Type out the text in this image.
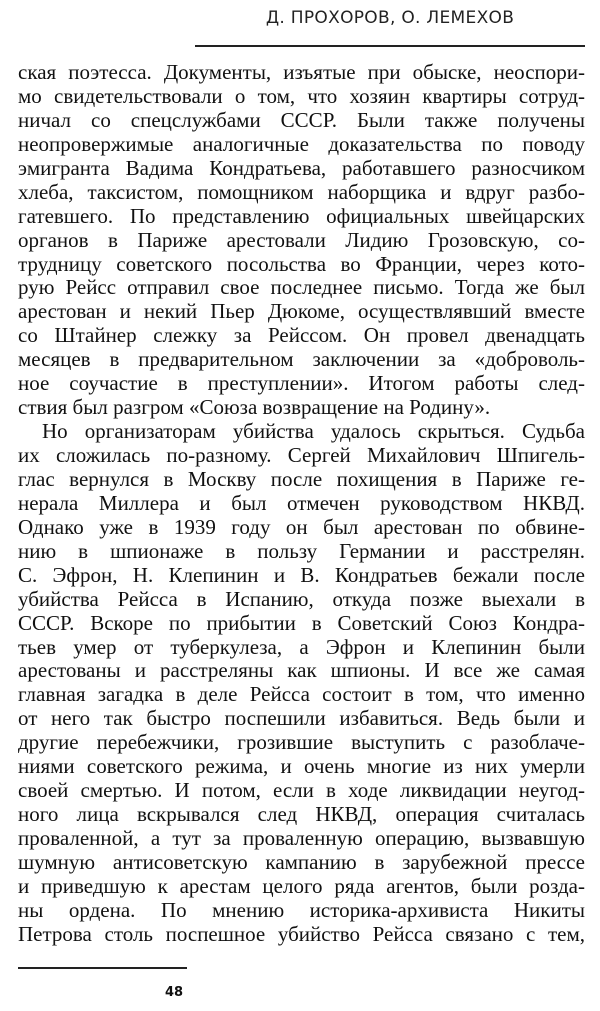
Д. ПРОХОРОВ, О. ЛЕМЕХОВ
ская поэтесса. Документы, изъятые при обыске, неоспори-
мо свидетельствовали о том, что хозяин квартиры сотруд-
ничал со спецслужбами СССР. Были также получены
неопровержимые аналогичные доказательства по поводу
эмигранта Вадима Кондратьева, работавшего разносчиком
хлеба, таксистом, помощником наборщика и вдруг разбо-
гатевшего. По представлению официальных швейцарских
органов в Париже арестовали Лидию Грозовскую, со-
трудницу советского посольства во Франции, через кото-
рую Рейсс отправил свое последнее письмо. Тогда же был
арестован и некий Пьер Дюкоме, осуществлявший вместе
со Штайнер слежку за Рейссом. Он провел двенадцать
месяцев в предварительном заключении за «доброволь-
ное соучастие в преступлении». Итогом работы след-
ствия был разгром «Союза возвращение на Родину».
Но организаторам убийства удалось скрыться. Судьба
их сложилась по-разному. Сергей Михайлович Шпигель-
глас вернулся в Москву после похищения в Париже ге-
нерала Миллера и был отмечен руководством НКВД.
Однако уже в 1939 году он был арестован по обвине-
нию в шпионаже в пользу Германии и расстрелян.
С. Эфрон, Н. Клепинин и В. Кондратьев бежали после
убийства Рейсса в Испанию, откуда позже выехали в
СССР. Вскоре по прибытии в Советский Союз Кондра-
тьев умер от туберкулеза, а Эфрон и Клепинин были
арестованы и расстреляны как шпионы. И все же самая
главная загадка в деле Рейсса состоит в том, что именно
от него так быстро поспешили избавиться. Ведь были и
другие перебежчики, грозившие выступить с разоблаче-
ниями советского режима, и очень многие из них умерли
своей смертью. И потом, если в ходе ликвидации неугод-
ного лица вскрывался след НКВД, операция считалась
проваленной, а тут за проваленную операцию, вызвавшую
шумную антисоветскую кампанию в зарубежной прессе
и приведшую к арестам целого ряда агентов, были розда-
ны ордена. По мнению историка-архивиста Никиты
Петрова столь поспешное убийство Рейсса связано с тем,
48
